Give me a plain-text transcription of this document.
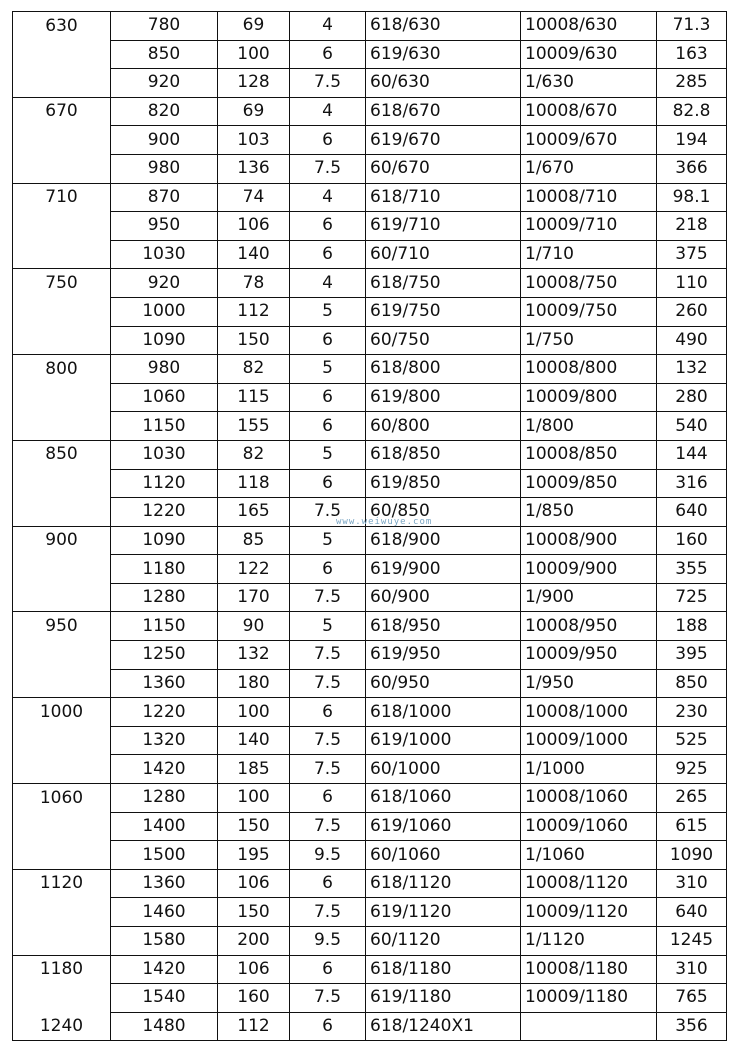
630	780	69	4	618/630	10008/630	71.3
	850	100	6	619/630	10009/630	163
	920	128	7.5	60/630	1/630	285
670	820	69	4	618/670	10008/670	82.8
	900	103	6	619/670	10009/670	194
	980	136	7.5	60/670	1/670	366
710	870	74	4	618/710	10008/710	98.1
	950	106	6	619/710	10009/710	218
	1030	140	6	60/710	1/710	375
750	920	78	4	618/750	10008/750	110
	1000	112	5	619/750	10009/750	260
	1090	150	6	60/750	1/750	490
800	980	82	5	618/800	10008/800	132
	1060	115	6	619/800	10009/800	280
	1150	155	6	60/800	1/800	540
850	1030	82	5	618/850	10008/850	144
	1120	118	6	619/850	10009/850	316
	1220	165	7.5	60/850	1/850	640
900	1090	85	5	618/900	10008/900	160
	1180	122	6	619/900	10009/900	355
	1280	170	7.5	60/900	1/900	725
950	1150	90	5	618/950	10008/950	188
	1250	132	7.5	619/950	10009/950	395
	1360	180	7.5	60/950	1/950	850
1000	1220	100	6	618/1000	10008/1000	230
	1320	140	7.5	619/1000	10009/1000	525
	1420	185	7.5	60/1000	1/1000	925
1060	1280	100	6	618/1060	10008/1060	265
	1400	150	7.5	619/1060	10009/1060	615
	1500	195	9.5	60/1060	1/1060	1090
1120	1360	106	6	618/1120	10008/1120	310
	1460	150	7.5	619/1120	10009/1120	640
	1580	200	9.5	60/1120	1/1120	1245
1180	1420	106	6	618/1180	10008/1180	310
	1540	160	7.5	619/1180	10009/1180	765
1240	1480	112	6	618/1240X1		356
www.weiwuye.com
